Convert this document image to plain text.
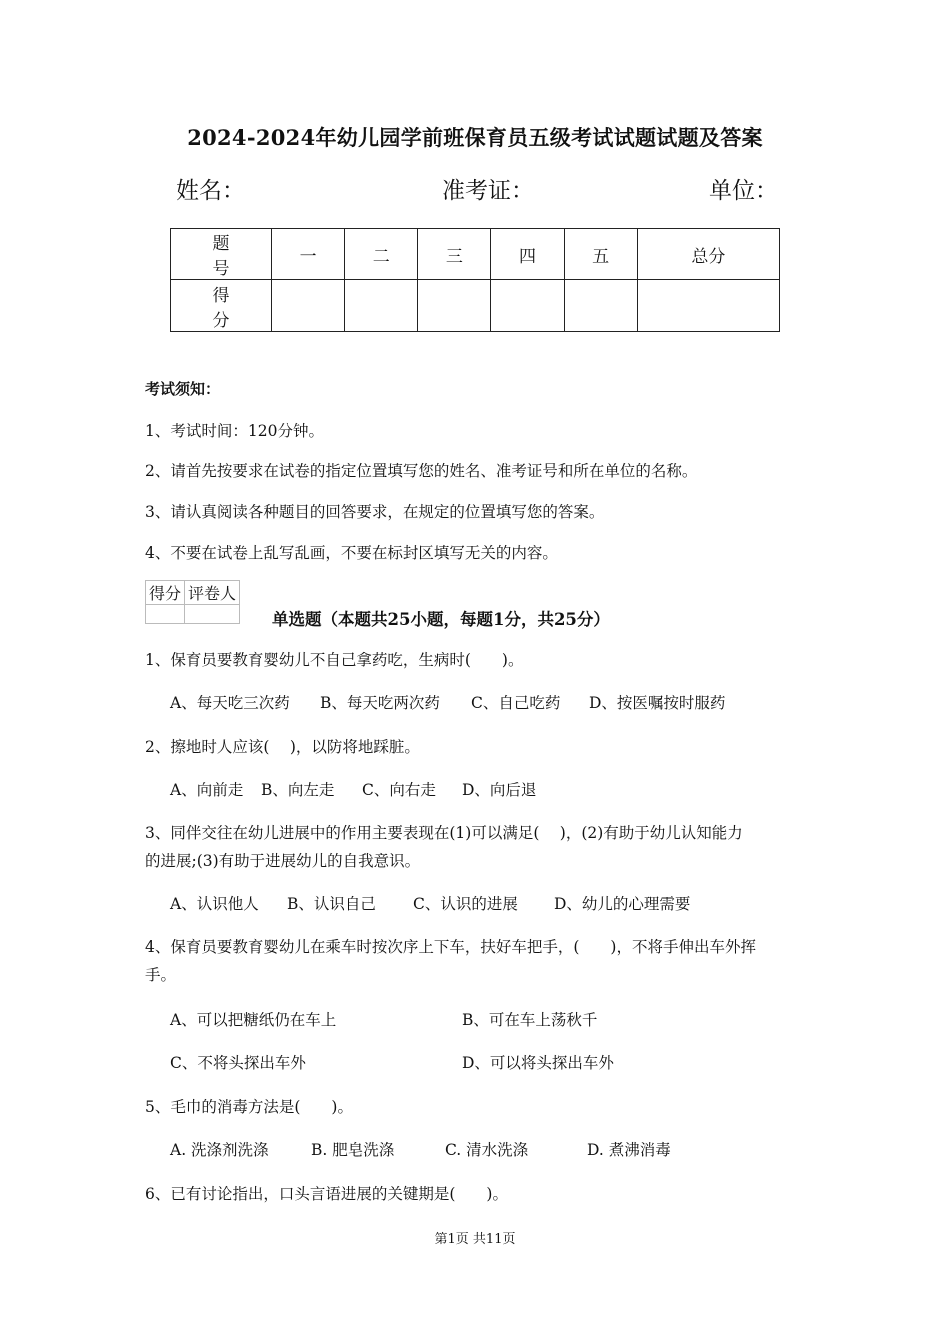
2024-2024年幼儿园学前班保育员五级考试试题试题及答案
姓名：	准考证：	单位：
题　号	一	二	三	四	五	总分
得　分						
考试须知：
1、考试时间：120分钟。
2、请首先按要求在试卷的指定位置填写您的姓名、准考证号和所在单位的名称。
3、请认真阅读各种题目的回答要求，在规定的位置填写您的答案。
4、不要在试卷上乱写乱画，不要在标封区填写无关的内容。
得分	评卷人

单选题（本题共25小题，每题1分，共25分）
1、保育员要教育婴幼儿不自己拿药吃，生病时(　　)。
A、每天吃三次药 B、每天吃两次药 C、自己吃药 D、按医嘱按时服药
2、擦地时人应该(　 )，以防将地踩脏。
A、向前走 B、向左走 C、向右走 D、向后退
3、同伴交往在幼儿进展中的作用主要表现在(1)可以满足(　 )，(2)有助于幼儿认知能力
的进展;(3)有助于进展幼儿的自我意识。
A、认识他人 B、认识自己 C、认识的进展 D、幼儿的心理需要
4、保育员要教育婴幼儿在乘车时按次序上下车，扶好车把手，(　　)，不将手伸出车外挥
手。
A、可以把糖纸仍在车上	B、可在车上荡秋千
C、不将头探出车外	D、可以将头探出车外
5、毛巾的消毒方法是(　　)。
A. 洗涤剂洗涤	B. 肥皂洗涤	C. 清水洗涤	D. 煮沸消毒
6、已有讨论指出，口头言语进展的关键期是(　　)。
第1页 共11页
